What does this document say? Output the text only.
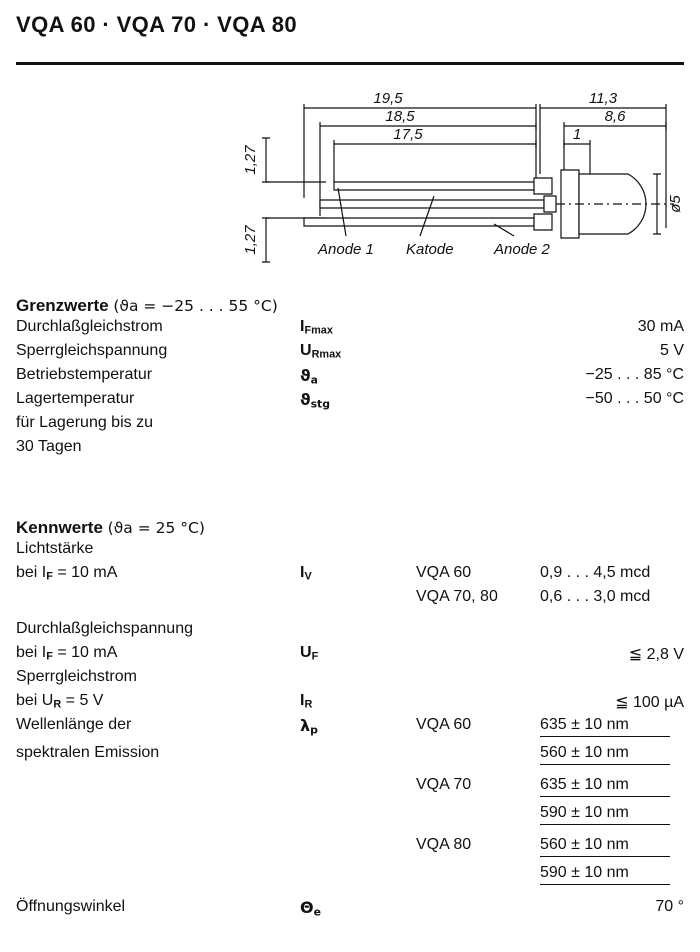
VQA 60 · VQA 70 · VQA 80
19,5
18,5
17,5
11,3
8,6
1
1,27
1,27
ø5
Anode 1 Katode	Anode 2
Grenzwerte (ϑa = −25 . . . 55 °C)
Durchlaßgleichstrom	$I_{Fmax}$	30 mA
Sperrgleichspannung	$U_{Rmax}$	5 V
Betriebstemperatur	$ϑ_a$	−25 . . . 85 °C
Lagertemperatur	$ϑ_{stg}$	−50 . . . 50 °C
für Lagerung bis zu
30 Tagen
Kennwerte (ϑa = 25 °C)
Lichtstärke
bei $I_F = 10$ mA	$I_V$	VQA 60	0,9 . . . 4,5 mcd
VQA 70, 80	0,6 . . . 3,0 mcd
Durchlaßgleichspannung
bei $I_F = 10$ mA	$U_F$	≦ 2,8 V
Sperrgleichstrom
bei $U_R = 5$ V	$I_R$	≦ 100 µA
Wellenlänge der	$\lambda_p$	VQA 60	635 ± 10 nm
spektralen Emission	560 ± 10 nm
VQA 70	635 ± 10 nm
590 ± 10 nm
VQA 80	560 ± 10 nm
590 ± 10 nm
Öffnungswinkel	$\Theta_e$	70 °
